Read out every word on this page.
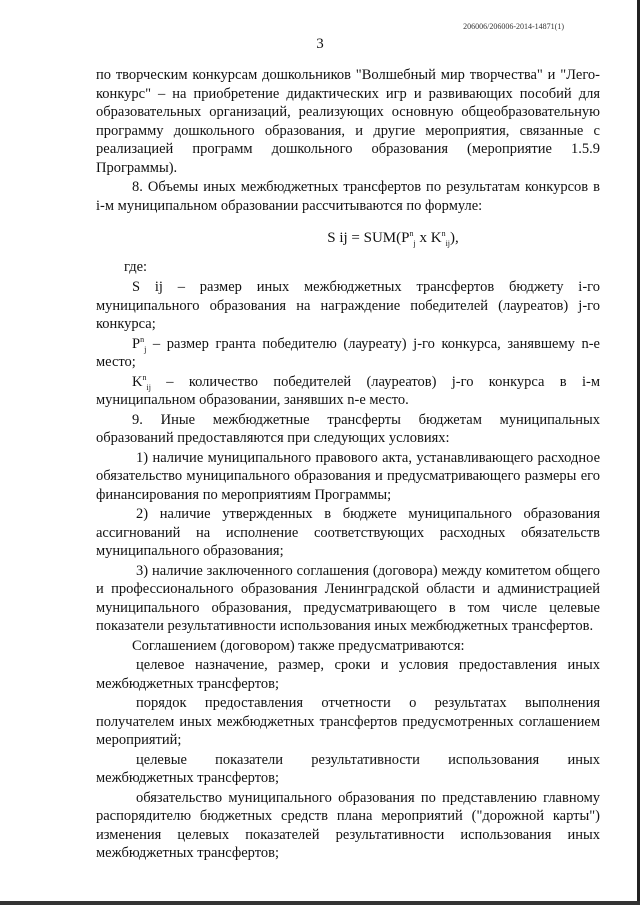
206006/206006-2014-14871(1)
3

по творческим конкурсам дошкольников "Волшебный мир творчества" и "Лего-конкурс" – на приобретение дидактических игр и развивающих пособий для образовательных организаций, реализующих основную общеобразовательную программу дошкольного образования, и другие мероприятия, связанные с реализацией программ дошкольного образования (мероприятие 1.5.9 Программы).

8. Объемы иных межбюджетных трансфертов по результатам конкурсов в i-м муниципальном образовании рассчитываются по формуле:

S ij = $SUM(P^n_j$ x $K^n_{ij}$),

где:

S ij – размер иных межбюджетных трансфертов бюджету i-го муниципального образования на награждение победителей (лауреатов) j-го конкурса;

$P^n_j$ – размер гранта победителю (лауреату) j-го конкурса, занявшему n-е место;

$K^n_{ij}$ – количество победителей (лауреатов) j-го конкурса в i-м муниципальном образовании, занявших n-е место.

9. Иные межбюджетные трансферты бюджетам муниципальных образований предоставляются при следующих условиях:

1) наличие муниципального правового акта, устанавливающего расходное обязательство муниципального образования и предусматривающего размеры его финансирования по мероприятиям Программы;

2) наличие утвержденных в бюджете муниципального образования ассигнований на исполнение соответствующих расходных обязательств муниципального образования;

3) наличие заключенного соглашения (договора) между комитетом общего и профессионального образования Ленинградской области и администрацией муниципального образования, предусматривающего в том числе целевые показатели результативности использования иных межбюджетных трансфертов.

Соглашением (договором) также предусматриваются:

целевое назначение, размер, сроки и условия предоставления иных межбюджетных трансфертов;

порядок предоставления отчетности о результатах выполнения получателем иных межбюджетных трансфертов предусмотренных соглашением мероприятий;

целевые показатели результативности использования иных межбюджетных трансфертов;

обязательство муниципального образования по представлению главному распорядителю бюджетных средств плана мероприятий ("дорожной карты") изменения целевых показателей результативности использования иных межбюджетных трансфертов;
